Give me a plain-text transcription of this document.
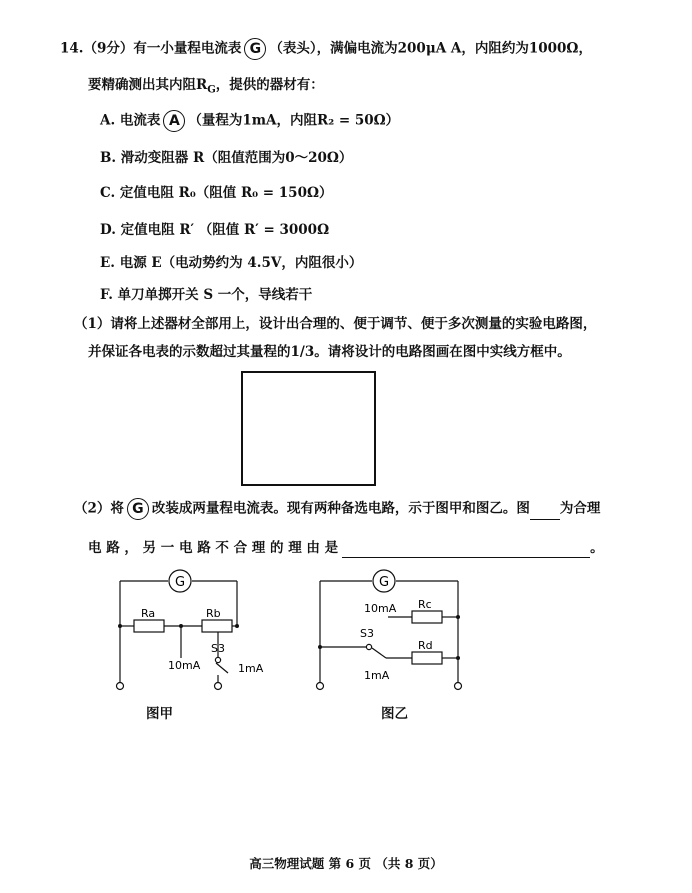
14.（9分）有一小量程电流表 G （表头），满偏电流为200μA A，内阻约为1000Ω，
要精确测出其内阻$R_G$，提供的器材有：
A. 电流表 A （量程为1mA，内阻R₂ = 50Ω）
B. 滑动变阻器 R（阻值范围为0～20Ω）
C. 定值电阻 R₀（阻值 R₀ = 150Ω）
D. 定值电阻 R′ （阻值 R′ = 3000Ω
E. 电源 E（电动势约为 4.5V，内阻很小）
F. 单刀单掷开关 S 一个，导线若干
（1）请将上述器材全部用上，设计出合理的、便于调节、便于多次测量的实验电路图，
并保证各电表的示数超过其量程的1/3。请将设计的电路图画在图中实线方框中。
（2）将 G 改装成两量程电流表。现有两种备选电路，示于图甲和图乙。图 为合理
电 路 ， 另 一 电 路 不 合 理 的 理 由 是	。
G
Ra	Rb
S3
10mA	1mA
图甲
G
10mA Rc
S3
Rd
1mA
图乙
高三物理试题 第 6 页 （共 8 页）
